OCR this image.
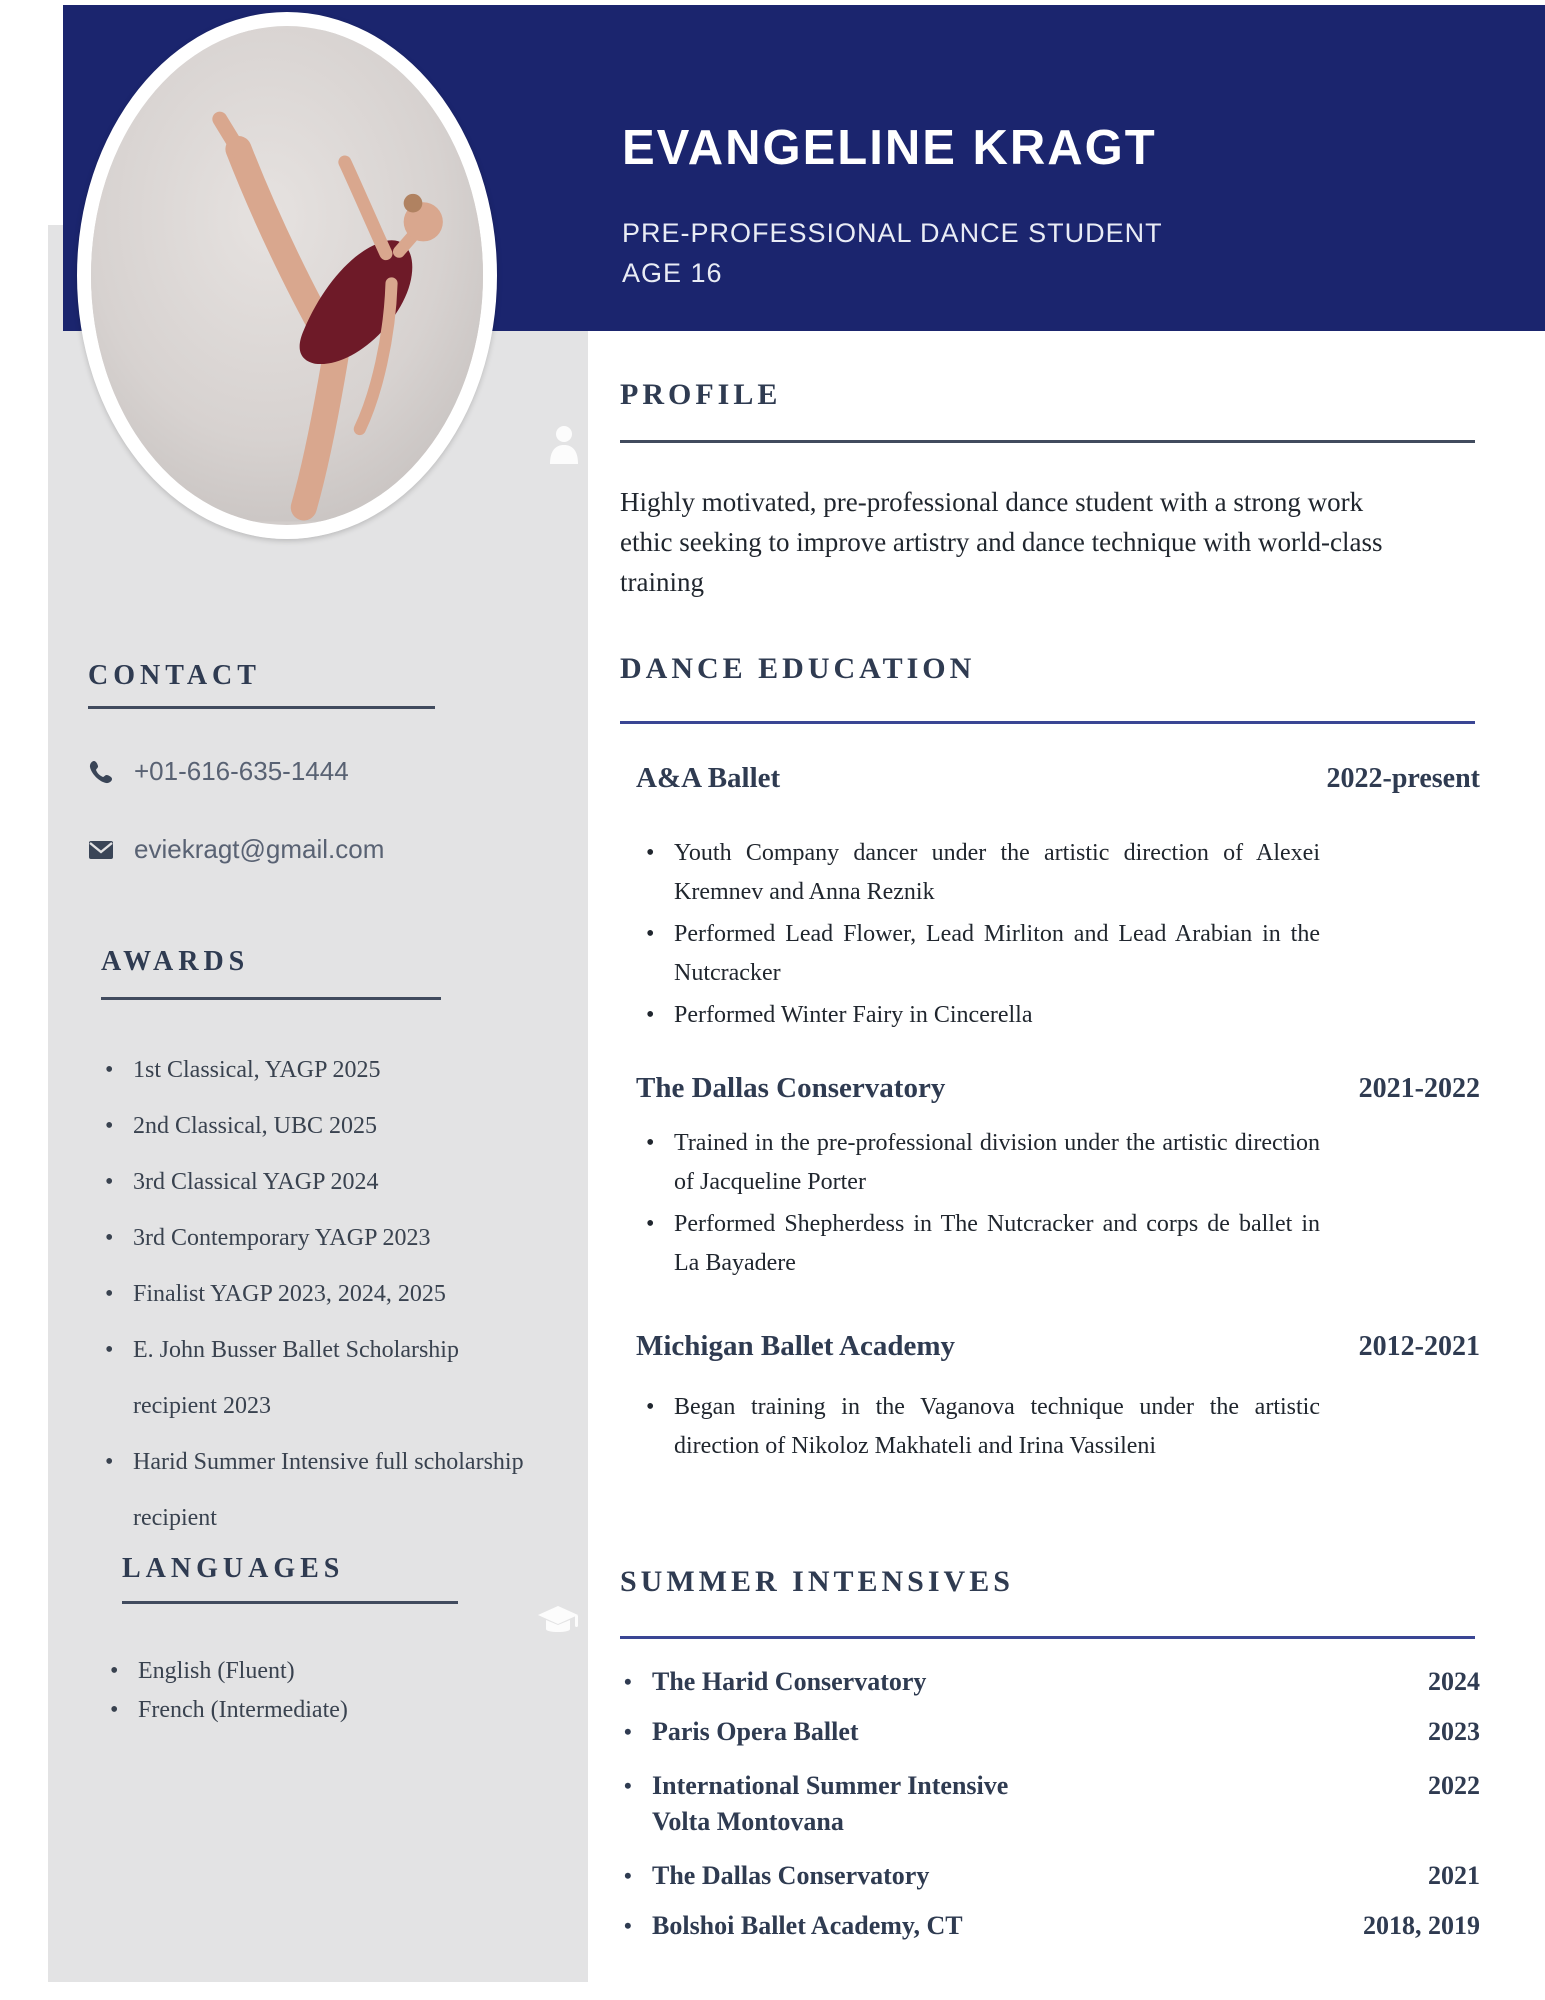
EVANGELINE KRAGT
PRE-PROFESSIONAL DANCE STUDENT
AGE 16
CONTACT
+01-616-635-1444
eviekragt@gmail.com
AWARDS
• 1st Classical, YAGP 2025
• 2nd Classical, UBC 2025
• 3rd Classical YAGP 2024
• 3rd Contemporary YAGP 2023
• Finalist YAGP 2023, 2024, 2025
• E. John Busser Ballet Scholarship recipient 2023
• Harid Summer Intensive full scholarship recipient
LANGUAGES
• English (Fluent)
• French (Intermediate)
PROFILE

Highly motivated, pre-professional dance student with a strong work ethic seeking to improve artistry and dance technique with world-class training

DANCE EDUCATION
A&A Ballet	2022-present
• Youth Company dancer under the artistic direction of Alexei Kremnev and Anna Reznik
• Performed Lead Flower, Lead Mirliton and Lead Arabian in the Nutcracker
• Performed Winter Fairy in Cincerella
The Dallas Conservatory	2021-2022
• Trained in the pre-professional division under the artistic direction of Jacqueline Porter
• Performed Shepherdess in The Nutcracker and corps de ballet in La Bayadere
Michigan Ballet Academy	2012-2021
• Began training in the Vaganova technique under the artistic direction of Nikoloz Makhateli and Irina Vassileni
SUMMER INTENSIVES
• The Harid Conservatory	2024
• Paris Opera Ballet	2023
• International Summer Intensive Volta Montovana
2022
• The Dallas Conservatory	2021
• Bolshoi Ballet Academy, CT	2018, 2019
